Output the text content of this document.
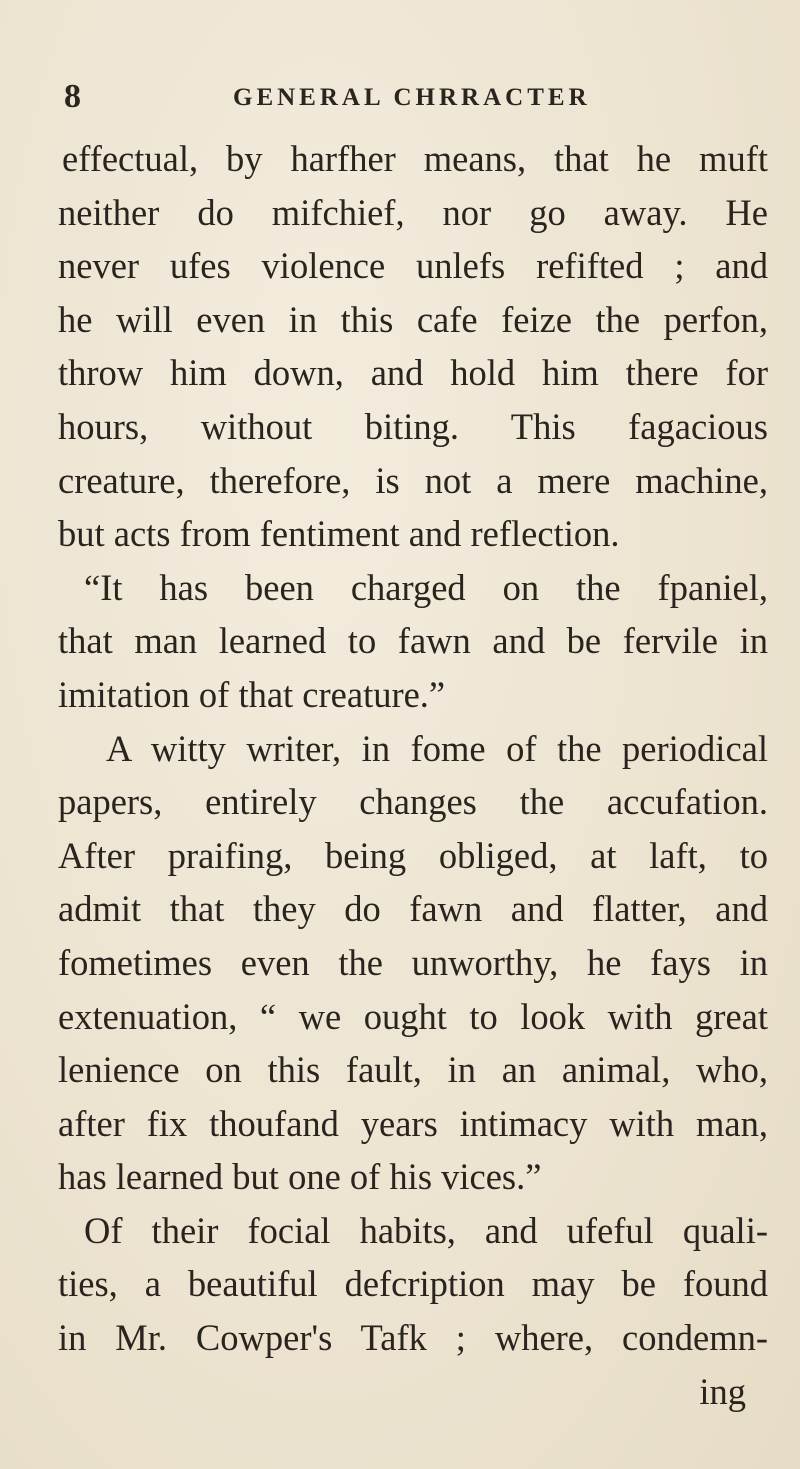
8	GENERAL CHRRACTER
effectual, by harfher means, that he muft
neither do mifchief, nor go away. He
never ufes violence unlefs refifted ; and
he will even in this cafe feize the perfon,
throw him down, and hold him there for
hours, without biting. This fagacious
creature, therefore, is not a mere machine,
but acts from fentiment and reflection.
“It has been charged on the fpaniel,
that man learned to fawn and be fervile in
imitation of that creature.”
A witty writer, in fome of the periodical
papers, entirely changes the accufation.
After praifing, being obliged, at laft, to
admit that they do fawn and flatter, and
fometimes even the unworthy, he fays in
extenuation, “ we ought to look with great
lenience on this fault, in an animal, who,
after fix thoufand years intimacy with man,
has learned but one of his vices.”
Of their focial habits, and ufeful quali-
ties, a beautiful defcription may be found
in Mr. Cowper's Tafk ; where, condemn-
ing
